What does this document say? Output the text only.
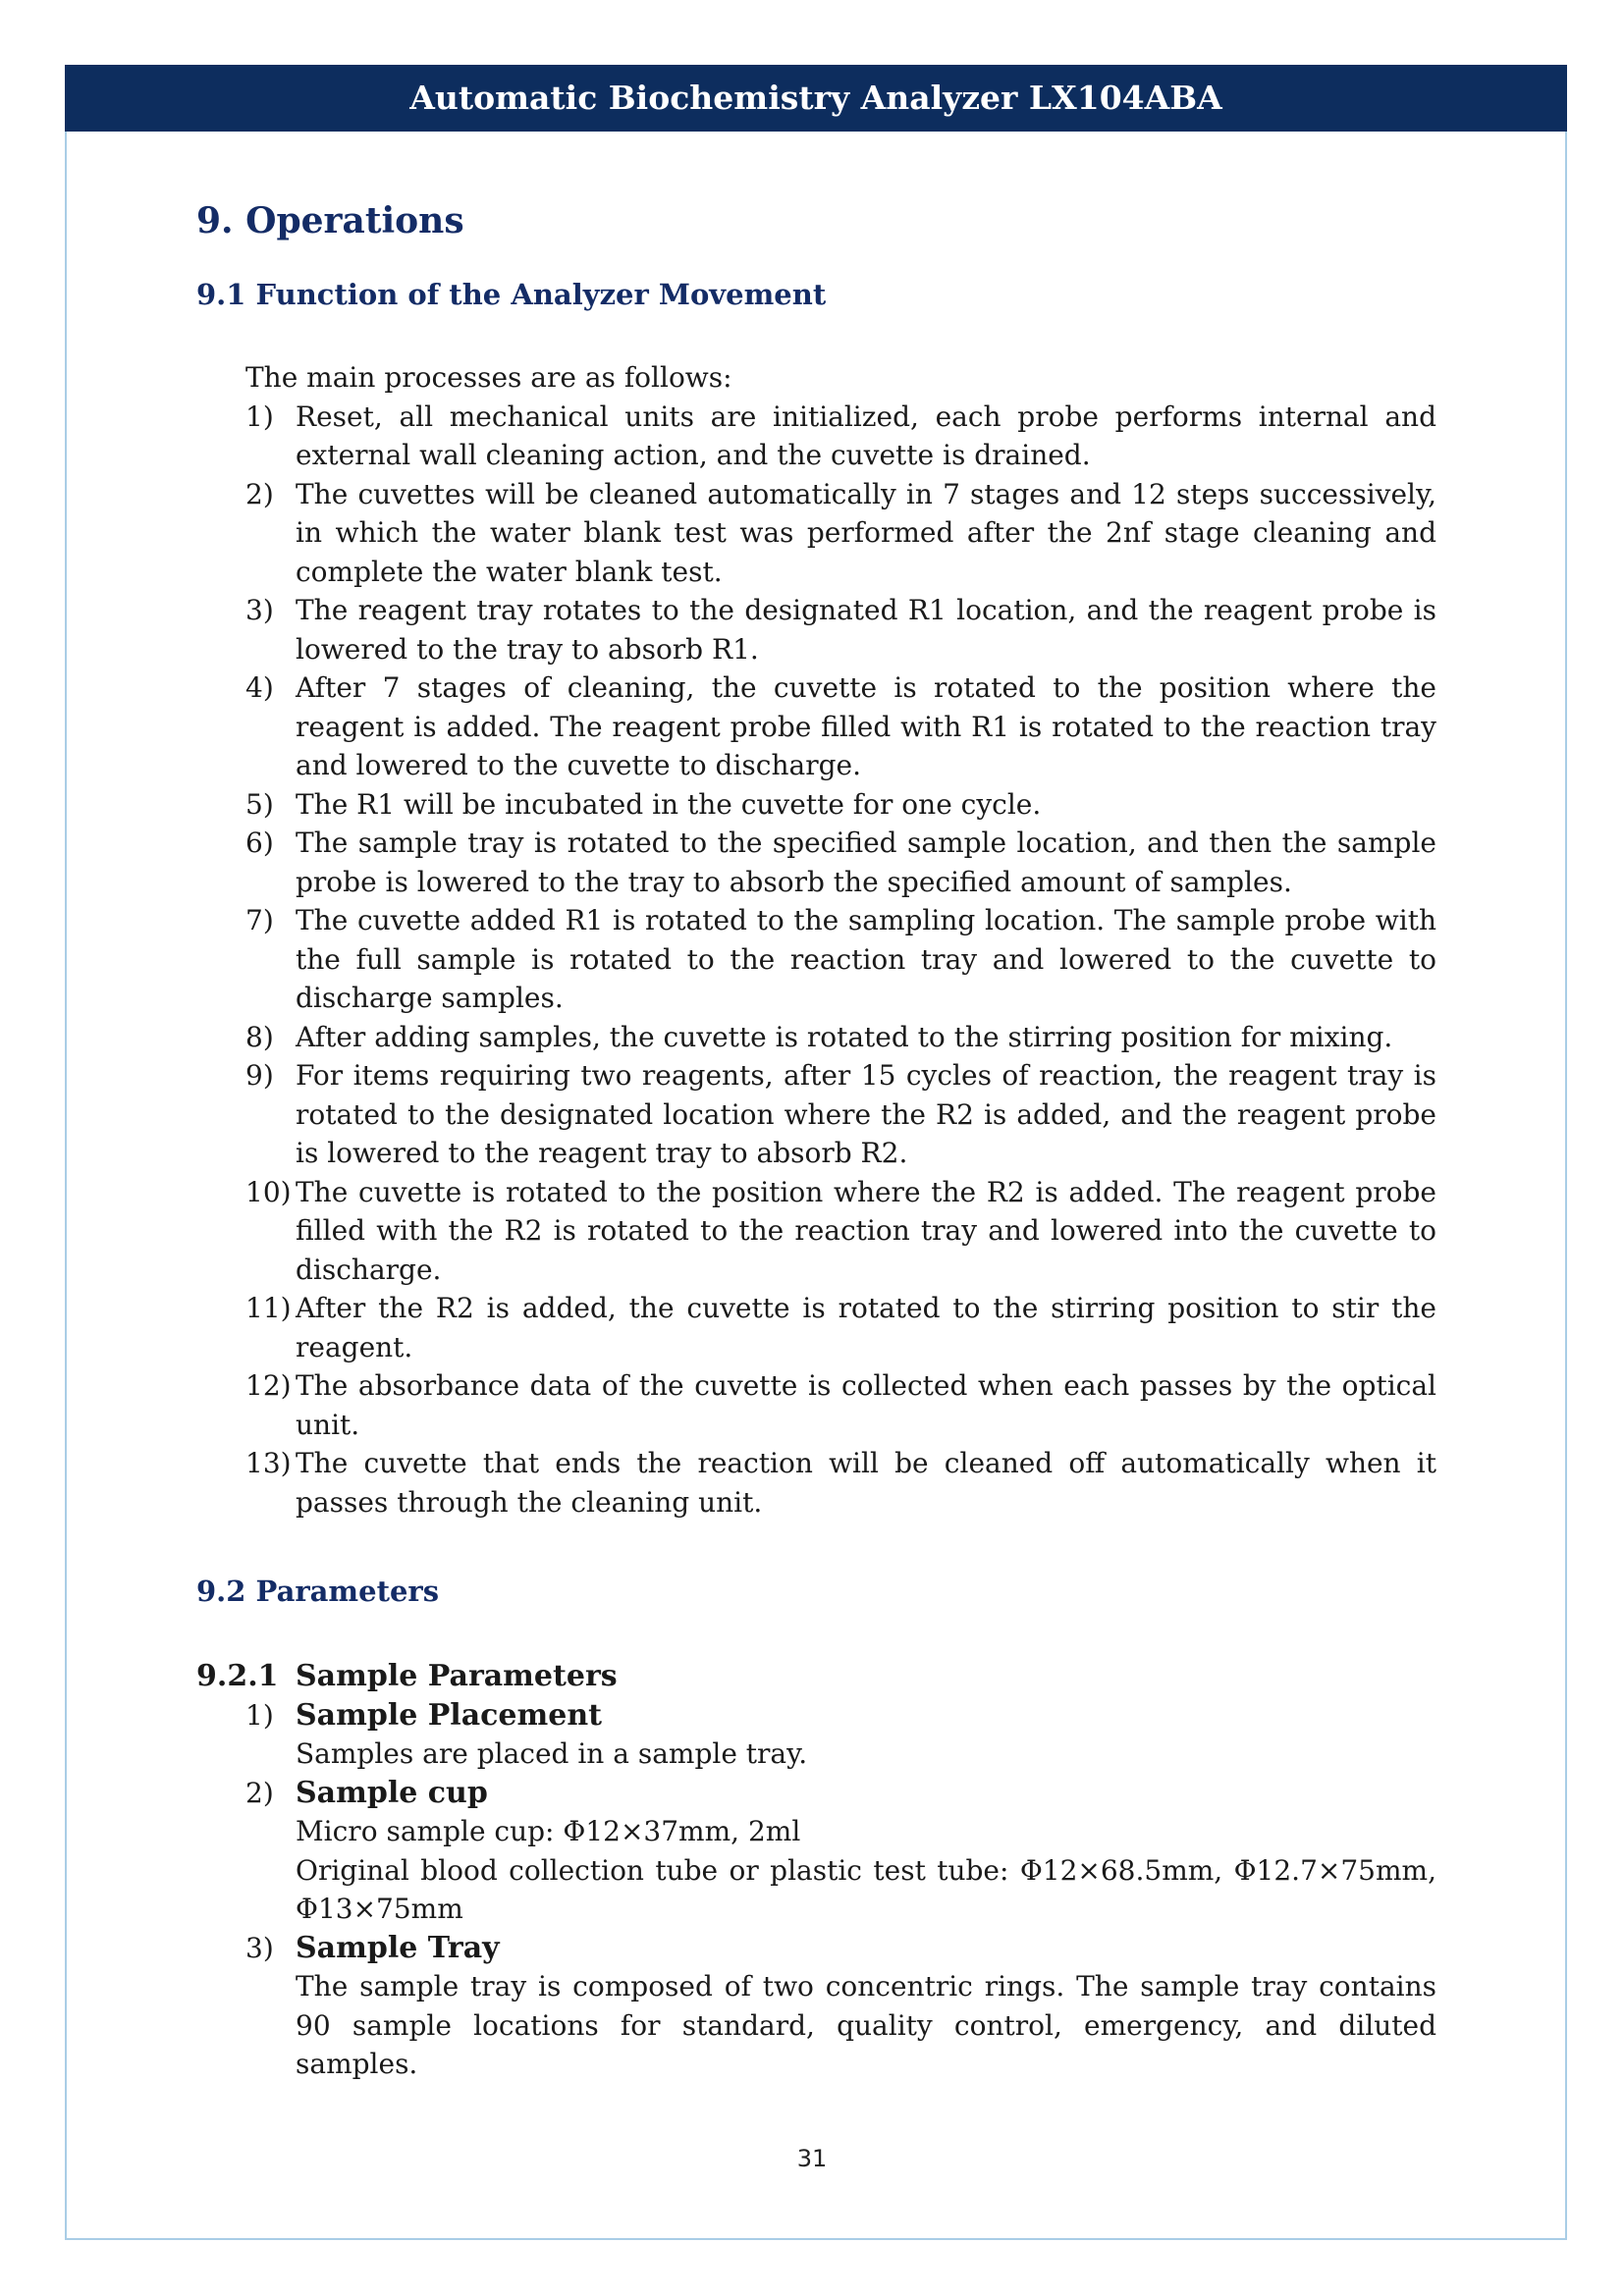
Automatic Biochemistry Analyzer LX104ABA
9. Operations
9.1 Function of the Analyzer Movement
The main processes are as follows:
1) Reset, all mechanical units are initialized, each probe performs internal and external wall cleaning action, and the cuvette is drained.
2) The cuvettes will be cleaned automatically in 7 stages and 12 steps successively, in which the water blank test was performed after the 2nf stage cleaning and complete the water blank test.
3) The reagent tray rotates to the designated R1 location, and the reagent probe is lowered to the tray to absorb R1.
4) After 7 stages of cleaning, the cuvette is rotated to the position where the reagent is added. The reagent probe filled with R1 is rotated to the reaction tray and lowered to the cuvette to discharge.
5) The R1 will be incubated in the cuvette for one cycle.
6) The sample tray is rotated to the specified sample location, and then the sample probe is lowered to the tray to absorb the specified amount of samples.
7) The cuvette added R1 is rotated to the sampling location. The sample probe with the full sample is rotated to the reaction tray and lowered to the cuvette to discharge samples.
8) After adding samples, the cuvette is rotated to the stirring position for mixing.
9) For items requiring two reagents, after 15 cycles of reaction, the reagent tray is rotated to the designated location where the R2 is added, and the reagent probe is lowered to the reagent tray to absorb R2.
10) The cuvette is rotated to the position where the R2 is added. The reagent probe filled with the R2 is rotated to the reaction tray and lowered into the cuvette to discharge.
11) After the R2 is added, the cuvette is rotated to the stirring position to stir the reagent.
12) The absorbance data of the cuvette is collected when each passes by the optical unit.
13) The cuvette that ends the reaction will be cleaned off automatically when it passes through the cleaning unit.
9.2 Parameters
9.2.1 Sample Parameters
1) Sample Placement
Samples are placed in a sample tray.
2) Sample cup
Micro sample cup: Φ12×37mm, 2ml
Original blood collection tube or plastic test tube: Φ12×68.5mm, Φ12.7×75mm, Φ13×75mm
3) Sample Tray
The sample tray is composed of two concentric rings. The sample tray contains 90 sample locations for standard, quality control, emergency, and diluted samples.
31
